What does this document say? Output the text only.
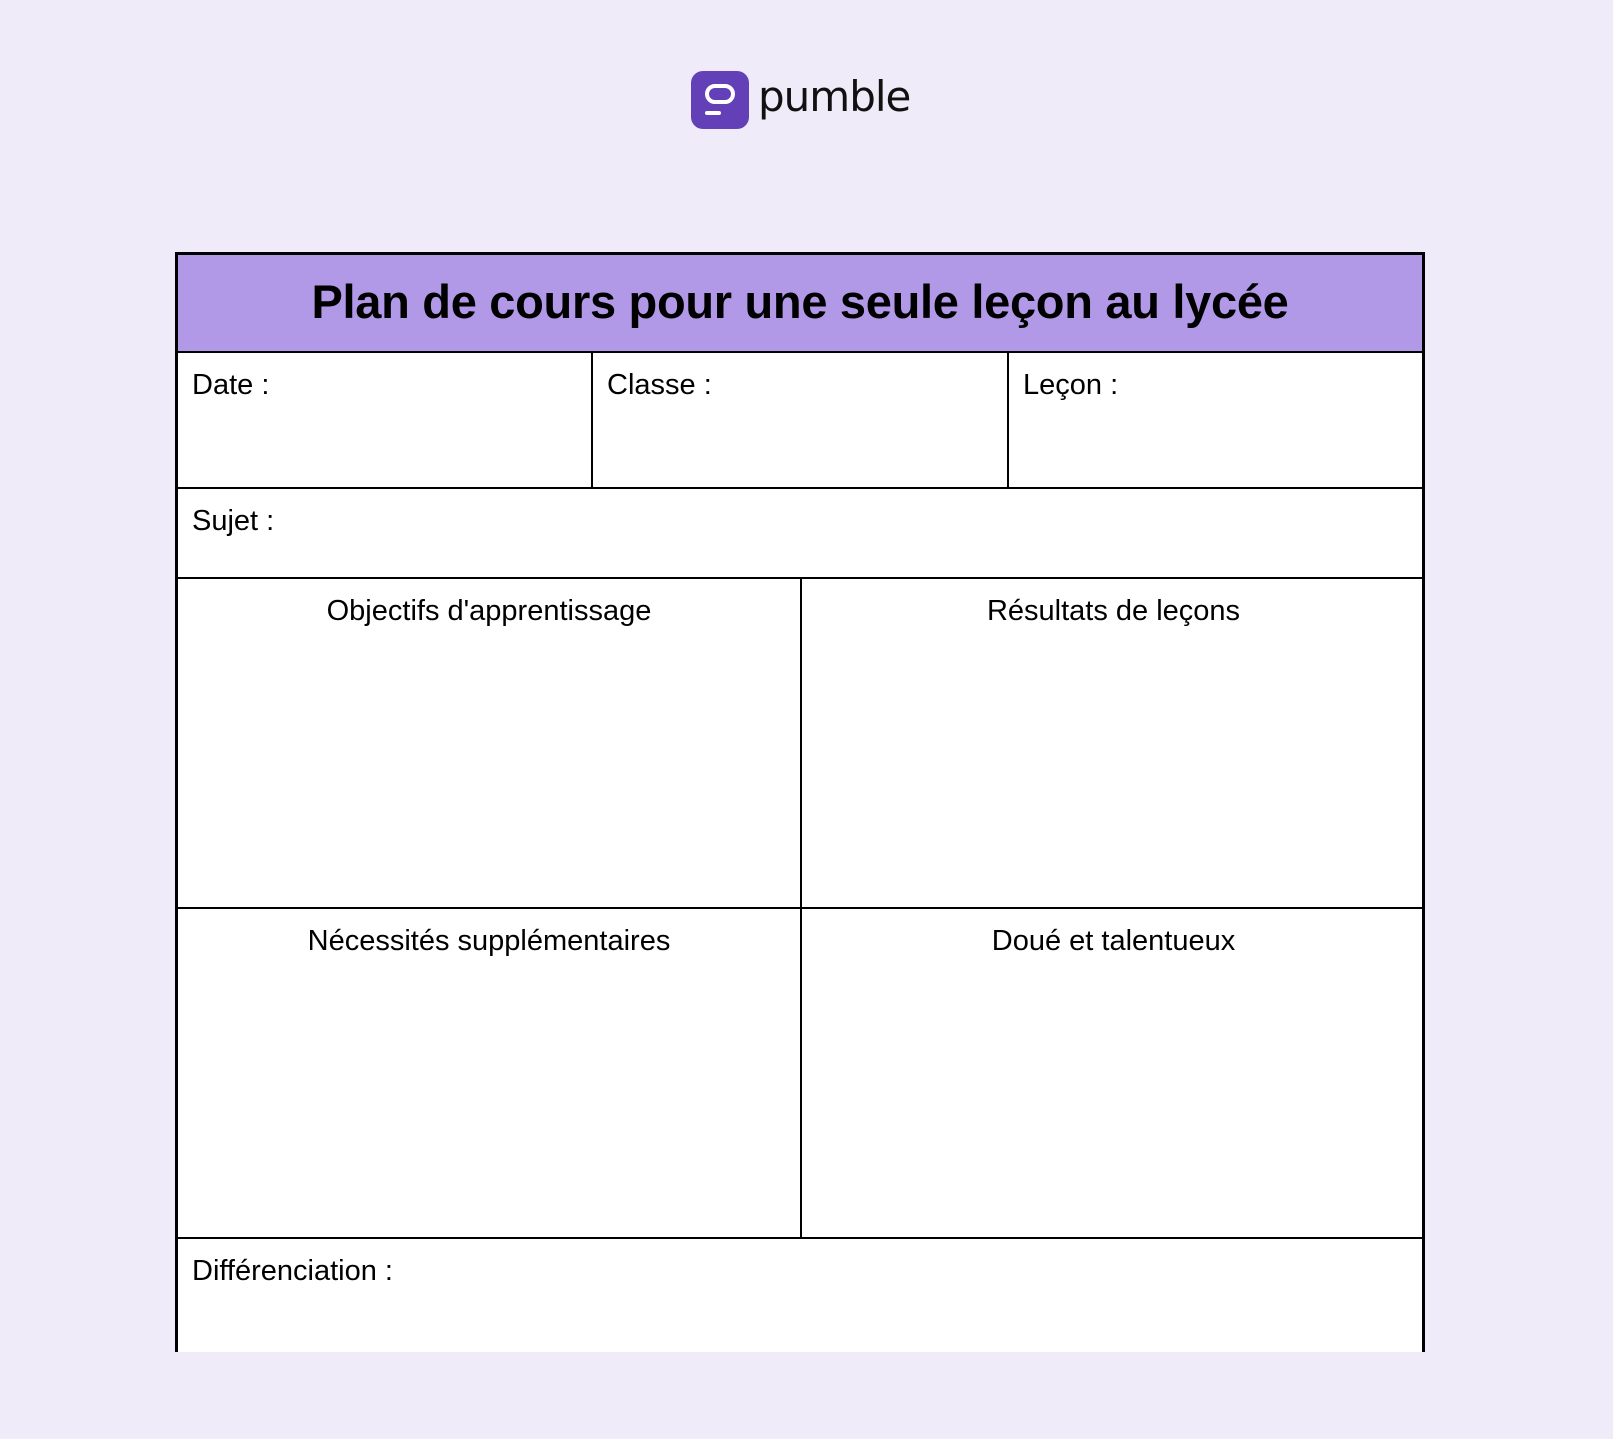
pumble
Plan de cours pour une seule leçon au lycée
Date :	Classe :	Leçon :
Sujet :
Objectifs d'apprentissage	Résultats de leçons
Nécessités supplémentaires	Doué et talentueux
Différenciation :
